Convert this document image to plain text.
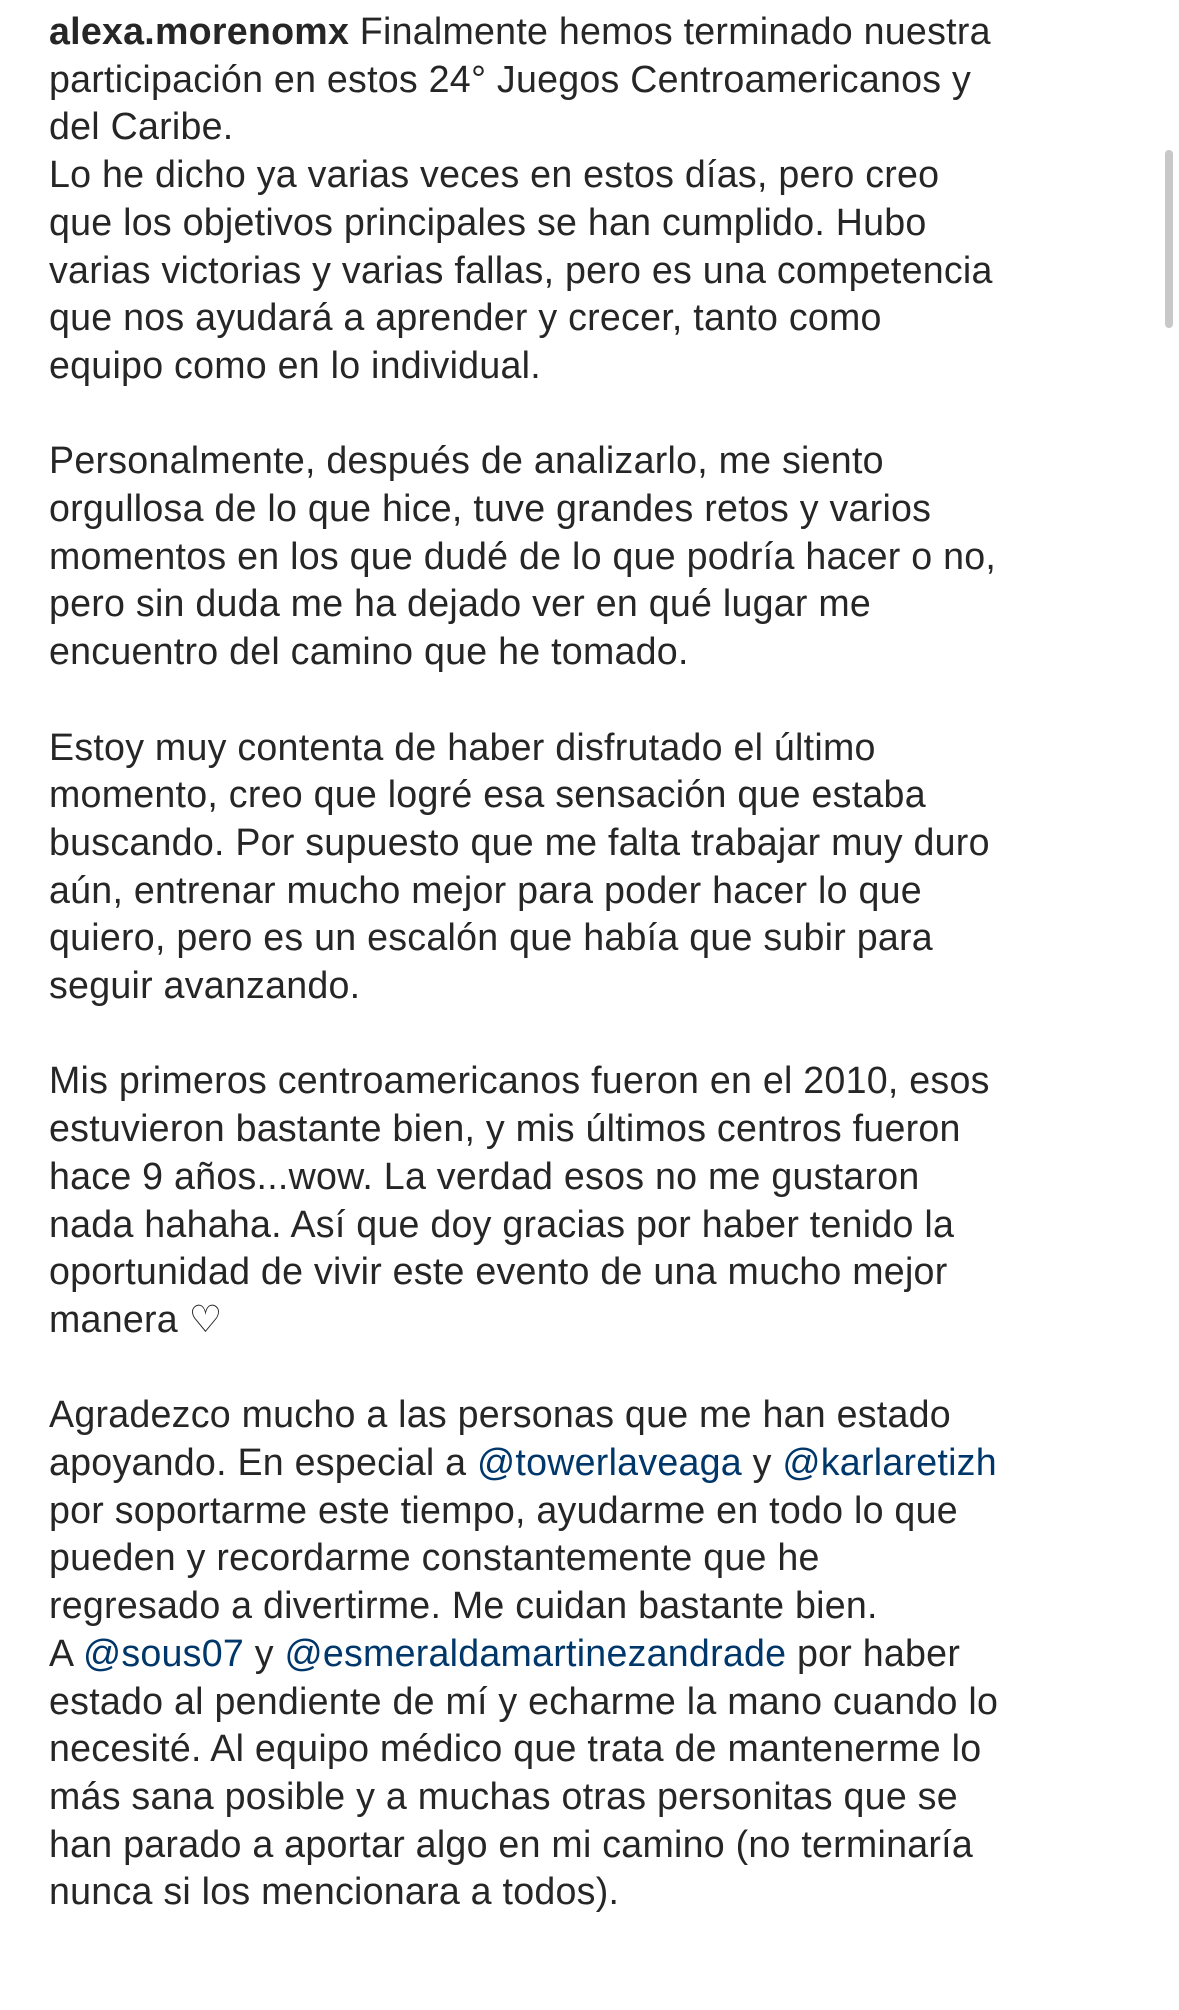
alexa.morenomx Finalmente hemos terminado nuestra
participación en estos 24° Juegos Centroamericanos y
del Caribe.

Lo he dicho ya varias veces en estos días, pero creo
que los objetivos principales se han cumplido. Hubo
varias victorias y varias fallas, pero es una competencia
que nos ayudará a aprender y crecer, tanto como
equipo como en lo individual.

Personalmente, después de analizarlo, me siento
orgullosa de lo que hice, tuve grandes retos y varios
momentos en los que dudé de lo que podría hacer o no,
pero sin duda me ha dejado ver en qué lugar me
encuentro del camino que he tomado.

Estoy muy contenta de haber disfrutado el último
momento, creo que logré esa sensación que estaba
buscando. Por supuesto que me falta trabajar muy duro
aún, entrenar mucho mejor para poder hacer lo que
quiero, pero es un escalón que había que subir para
seguir avanzando.

Mis primeros centroamericanos fueron en el 2010, esos
estuvieron bastante bien, y mis últimos centros fueron
hace 9 años...wow. La verdad esos no me gustaron
nada hahaha. Así que doy gracias por haber tenido la
oportunidad de vivir este evento de una mucho mejor
manera ♡

Agradezco mucho a las personas que me han estado
apoyando. En especial a @towerlaveaga y @karlaretizh
por soportarme este tiempo, ayudarme en todo lo que
pueden y recordarme constantemente que he
regresado a divertirme. Me cuidan bastante bien.

A @sous07 y @esmeraldamartinezandrade por haber
estado al pendiente de mí y echarme la mano cuando lo
necesité. Al equipo médico que trata de mantenerme lo
más sana posible y a muchas otras personitas que se
han parado a aportar algo en mi camino (no terminaría
nunca si los mencionara a todos).
